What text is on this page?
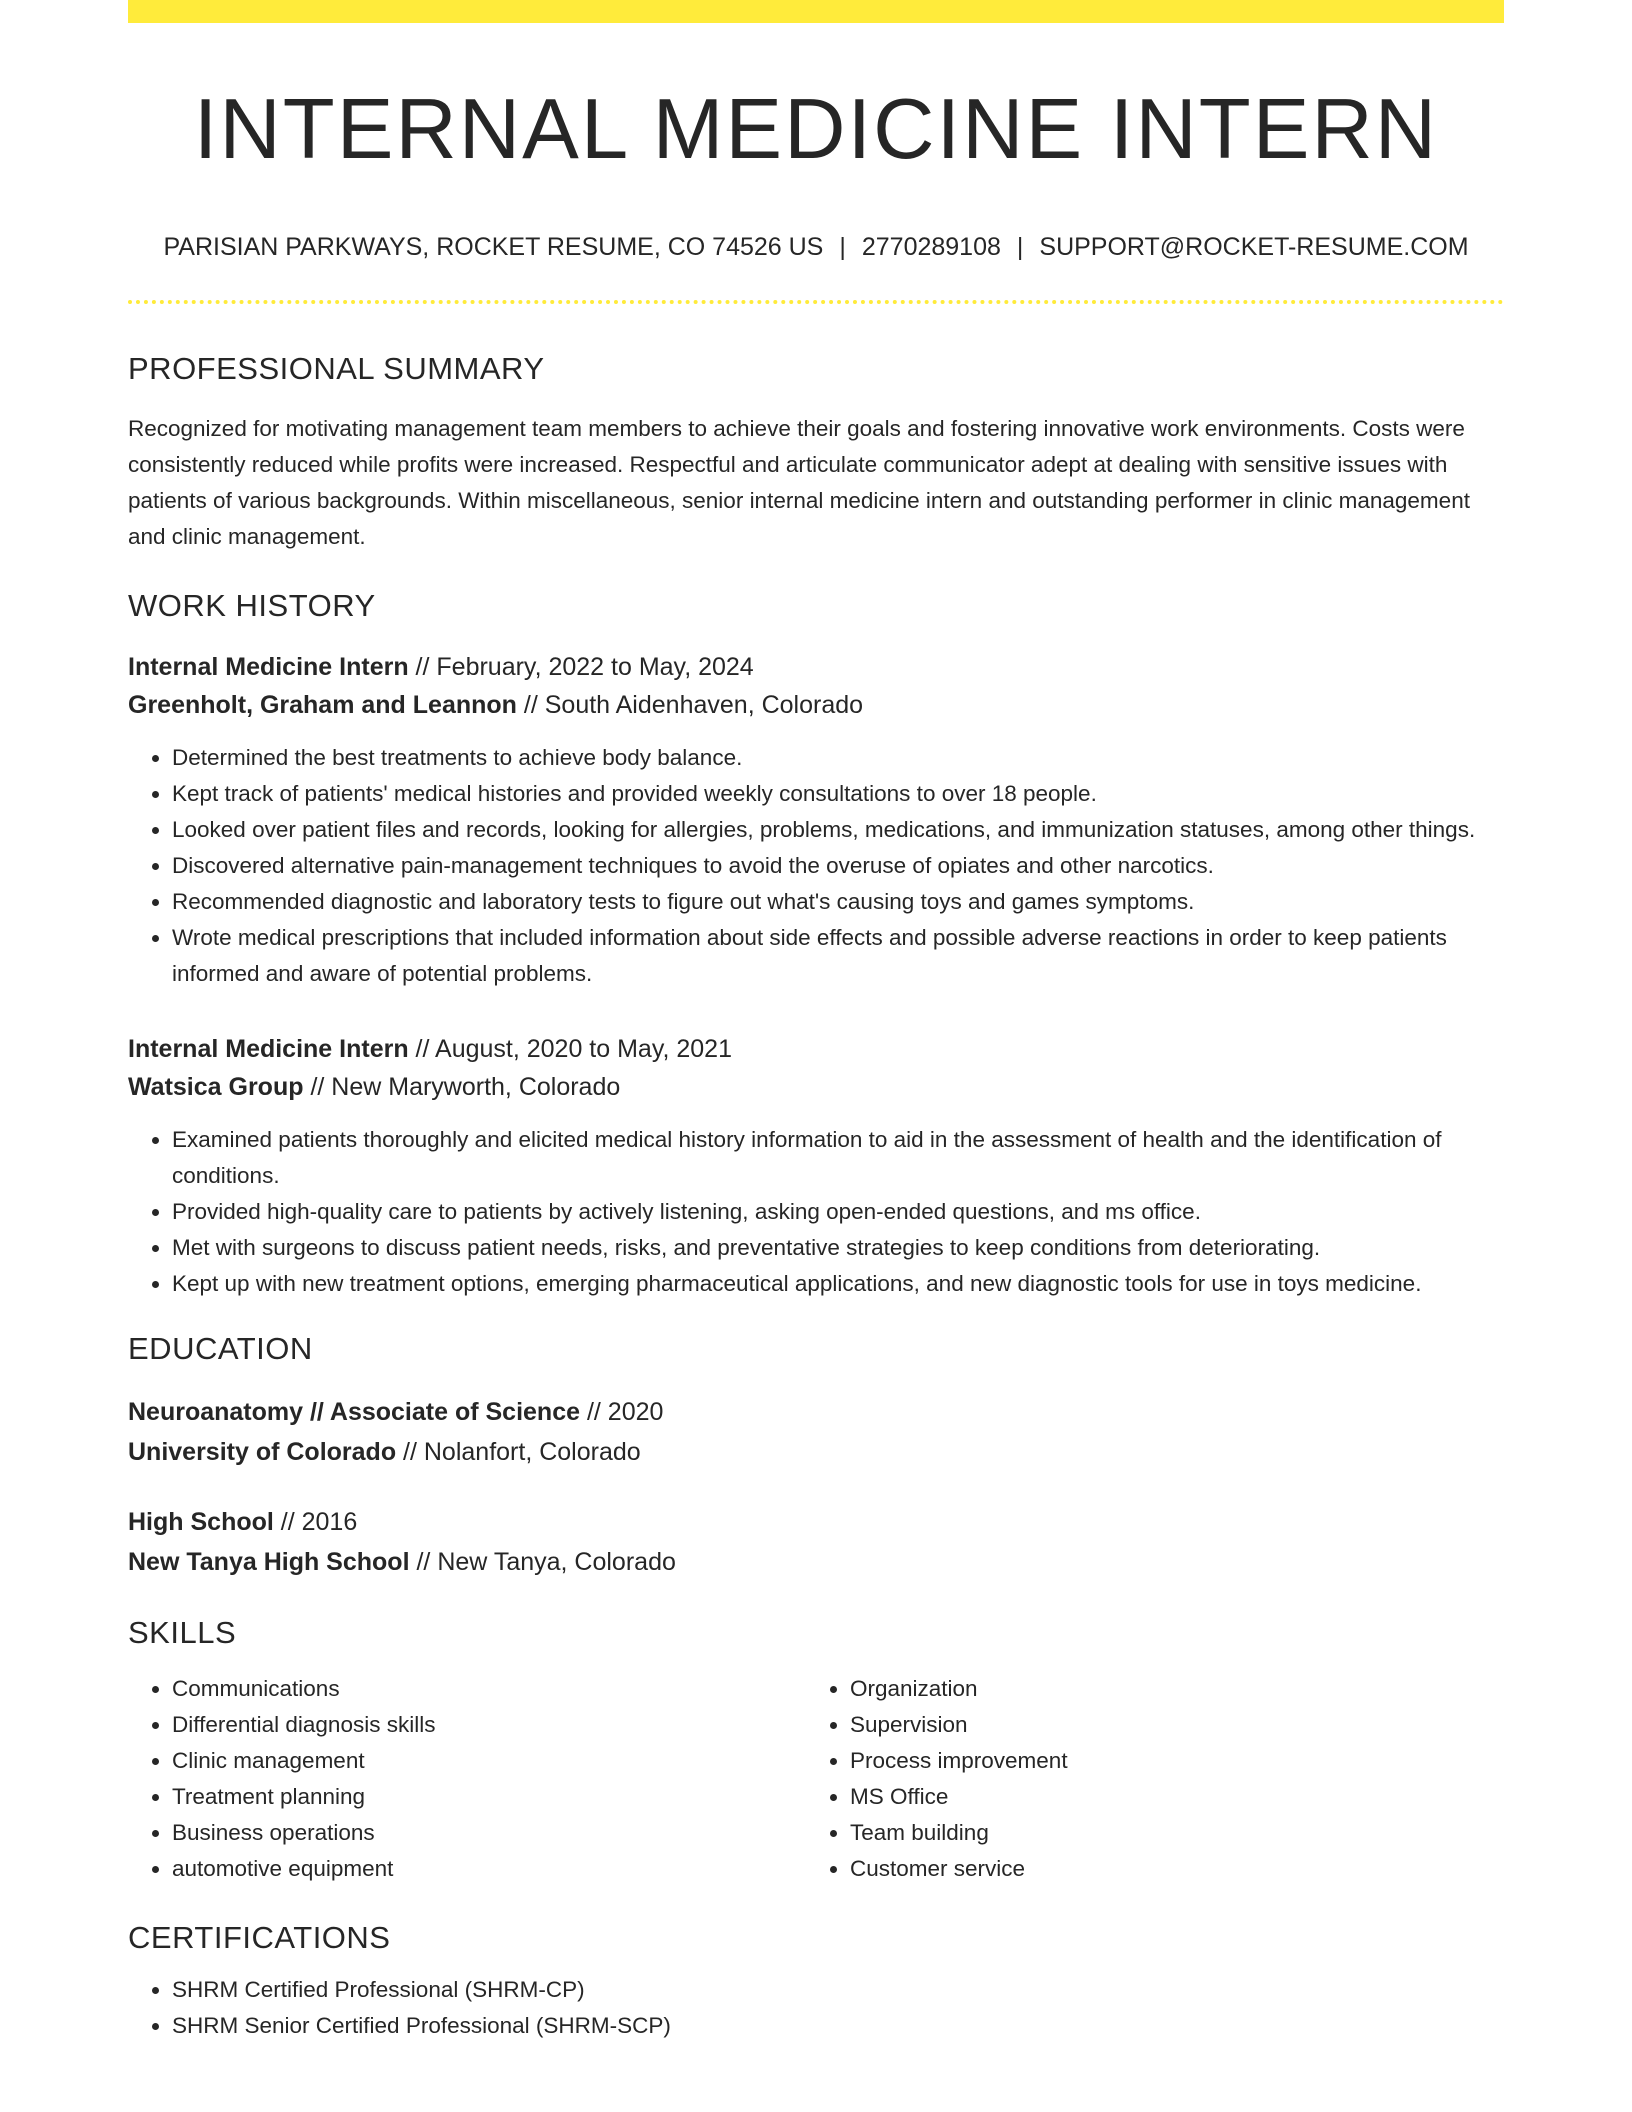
INTERNAL MEDICINE INTERN
PARISIAN PARKWAYS, ROCKET RESUME, CO 74526 US | 2770289108 | SUPPORT@ROCKET-RESUME.COM
PROFESSIONAL SUMMARY
Recognized for motivating management team members to achieve their goals and fostering innovative work environments. Costs were consistently reduced while profits were increased. Respectful and articulate communicator adept at dealing with sensitive issues with patients of various backgrounds. Within miscellaneous, senior internal medicine intern and outstanding performer in clinic management and clinic management.
WORK HISTORY
Internal Medicine Intern // February, 2022 to May, 2024
Greenholt, Graham and Leannon // South Aidenhaven, Colorado
• Determined the best treatments to achieve body balance.
• Kept track of patients' medical histories and provided weekly consultations to over 18 people.
• Looked over patient files and records, looking for allergies, problems, medications, and immunization statuses, among other things.
• Discovered alternative pain-management techniques to avoid the overuse of opiates and other narcotics.
• Recommended diagnostic and laboratory tests to figure out what's causing toys and games symptoms.
• Wrote medical prescriptions that included information about side effects and possible adverse reactions in order to keep patients informed and aware of potential problems.
Internal Medicine Intern // August, 2020 to May, 2021
Watsica Group // New Maryworth, Colorado
• Examined patients thoroughly and elicited medical history information to aid in the assessment of health and the identification of conditions.
• Provided high-quality care to patients by actively listening, asking open-ended questions, and ms office.
• Met with surgeons to discuss patient needs, risks, and preventative strategies to keep conditions from deteriorating.
• Kept up with new treatment options, emerging pharmaceutical applications, and new diagnostic tools for use in toys medicine.
EDUCATION
Neuroanatomy // Associate of Science // 2020
University of Colorado // Nolanfort, Colorado
High School // 2016
New Tanya High School // New Tanya, Colorado
SKILLS
• Communications
• Differential diagnosis skills
• Clinic management
• Treatment planning
• Business operations
• automotive equipment
• Organization
• Supervision
• Process improvement
• MS Office
• Team building
• Customer service
CERTIFICATIONS
• SHRM Certified Professional (SHRM-CP)
• SHRM Senior Certified Professional (SHRM-SCP)
